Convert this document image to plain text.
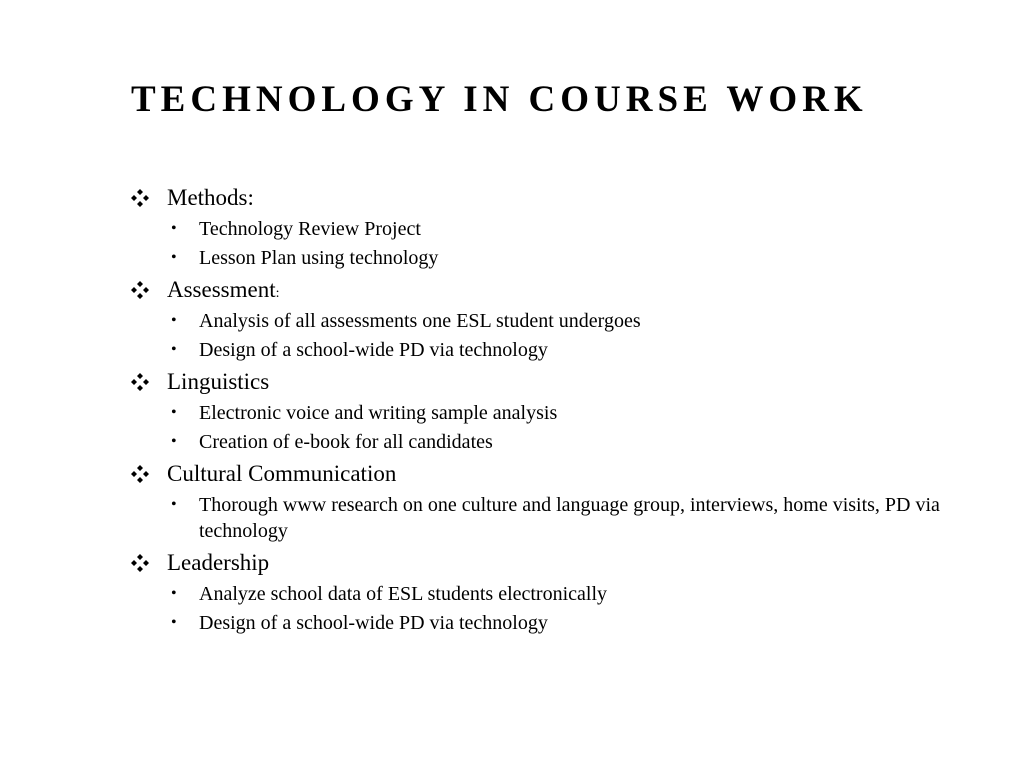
TECHNOLOGY IN COURSE WORK
Methods:
• Technology Review Project
• Lesson Plan using technology
Assessment:
• Analysis of all assessments one ESL student undergoes
• Design of a school-wide PD via technology
Linguistics
• Electronic voice and writing sample analysis
• Creation of e-book for all candidates
Cultural Communication
• Thorough www research on one culture and language group, interviews, home visits, PD via technology
Leadership
• Analyze school data of ESL students electronically
• Design of a school-wide PD via technology
